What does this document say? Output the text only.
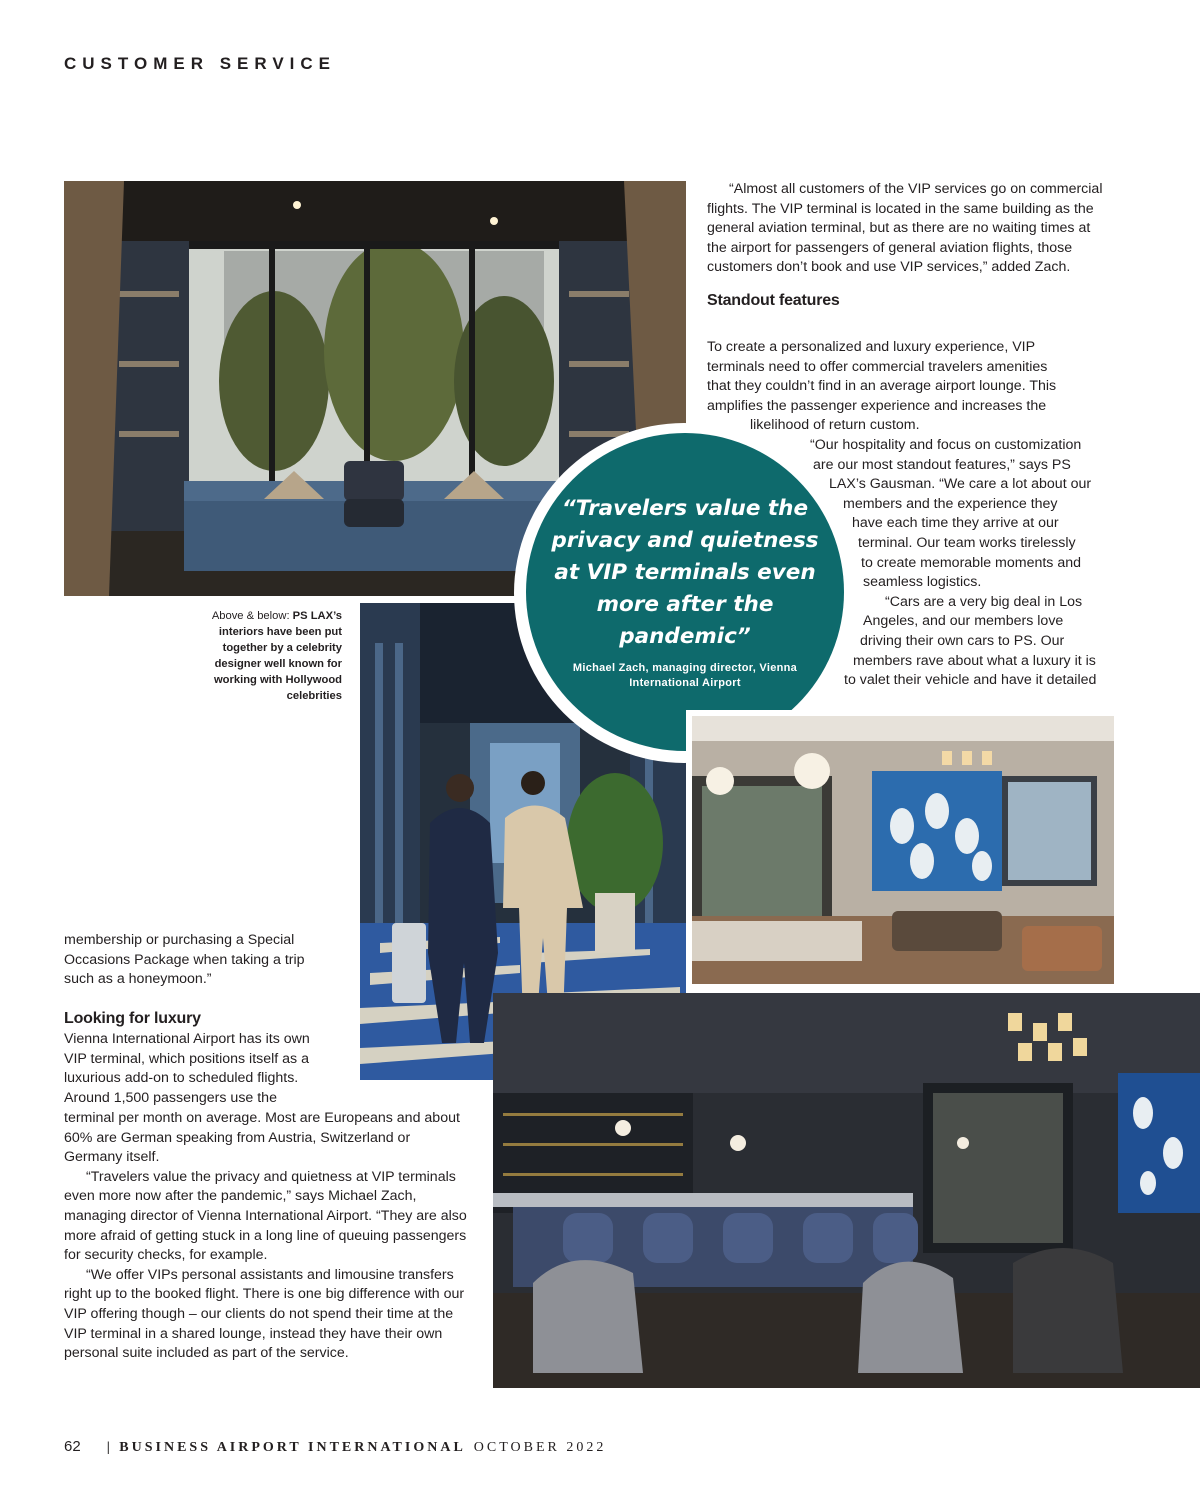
CUSTOMER SERVICE

“Almost all customers of the VIP services go on commercial flights. The VIP terminal is located in the same building as the general aviation terminal, but as there are no waiting times at the airport for passengers of general aviation flights, those customers don’t book and use VIP services,” added Zach.

Standout features
To create a personalized and luxury experience, VIP
terminals need to offer commercial travelers amenities
that they couldn’t find in an average airport lounge. This
amplifies the passenger experience and increases the
likelihood of return custom.
“Our hospitality and focus on customization
are our most standout features,” says PS
LAX’s Gausman. “We care a lot about our
members and the experience they
have each time they arrive at our
terminal. Our team works tirelessly
to create memorable moments and
seamless logistics.
“Cars are a very big deal in Los
Angeles, and our members love
driving their own cars to PS. Our
members rave about what a luxury it is
to valet their vehicle and have it detailed
Above & below: PS LAX’s interiors have been put together by a celebrity designer well known for working with Hollywood celebrities
“Travelers value the privacy and quietness at VIP terminals even more after the pandemic”
Michael Zach, managing director, Vienna International Airport

membership or purchasing a Special Occasions Package when taking a trip such as a honeymoon.”

Looking for luxury
Vienna International Airport has its own
VIP terminal, which positions itself as a
luxurious add-on to scheduled flights.
Around 1,500 passengers use the

terminal per month on average. Most are Europeans and about 60% are German speaking from Austria, Switzerland or Germany itself.

“Travelers value the privacy and quietness at VIP terminals even more now after the pandemic,” says Michael Zach, managing director of Vienna International Airport. “They are also more afraid of getting stuck in a long line of queuing passengers for security checks, for example.

“We offer VIPs personal assistants and limousine transfers right up to the booked flight. There is one big difference with our VIP offering though – our clients do not spend their time at the VIP terminal in a shared lounge, instead they have their own personal suite included as part of the service.

62 | BUSINESS AIRPORT INTERNATIONAL OCTOBER 2022
